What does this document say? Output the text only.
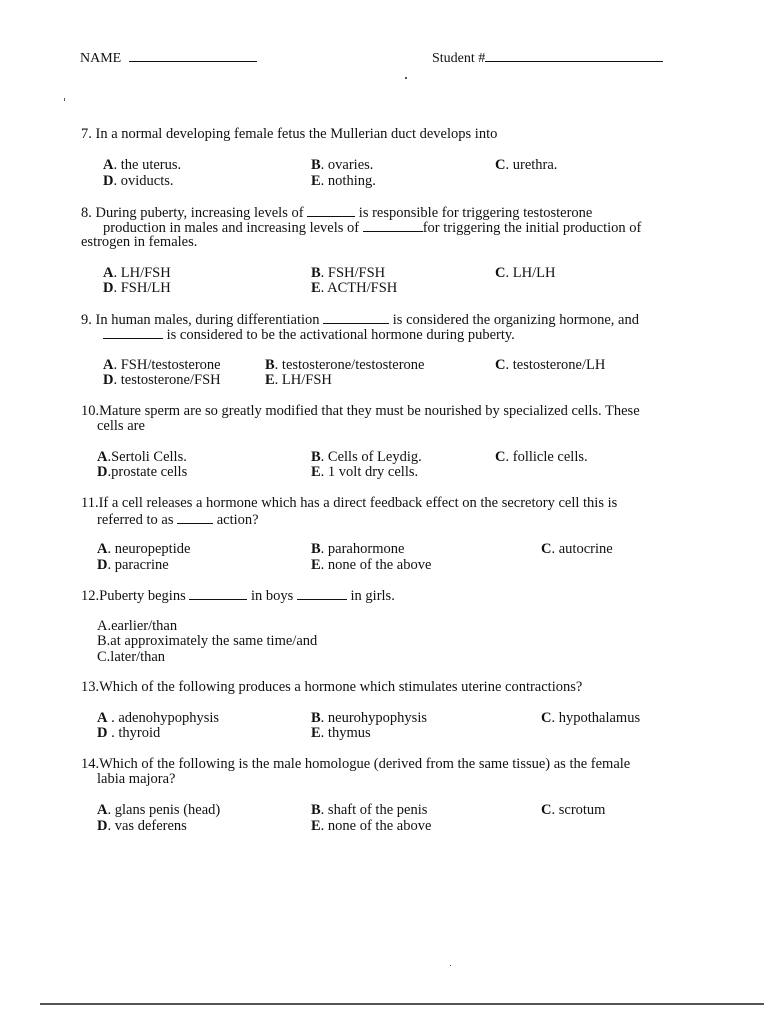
NAME	Student #
7. In a normal developing female fetus the Mullerian duct develops into
A. the uterus.	B. ovaries.	C. urethra.
D. oviducts.	E. nothing.
8. During puberty, increasing levels of	is responsible for triggering testosterone
production in males and increasing levels of	for triggering the initial production of
estrogen in females.
A. LH/FSH	B. FSH/FSH	C. LH/LH
D. FSH/LH	E. ACTH/FSH
9. In human males, during differentiation	is considered the organizing hormone, and
is considered to be the activational hormone during puberty.
A. FSH/testosterone	B. testosterone/testosterone	C. testosterone/LH
D. testosterone/FSH	E. LH/FSH
10.Mature sperm are so greatly modified that they must be nourished by specialized cells. These
cells are
A.Sertoli Cells.	B. Cells of Leydig.	C. follicle cells.
D.prostate cells	E. 1 volt dry cells.
11.If a cell releases a hormone which has a direct feedback effect on the secretory cell this is
referred to as	action?
A. neuropeptide	B. parahormone	C. autocrine
D. paracrine	E. none of the above
12.Puberty begins	in boys	in girls.
A.earlier/than
B.at approximately the same time/and
C.later/than
13.Which of the following produces a hormone which stimulates uterine contractions?
A . adenohypophysis	B. neurohypophysis	C. hypothalamus
D . thyroid	E. thymus
14.Which of the following is the male homologue (derived from the same tissue) as the female
labia majora?
A. glans penis (head)	B. shaft of the penis	C. scrotum
D. vas deferens	E. none of the above
